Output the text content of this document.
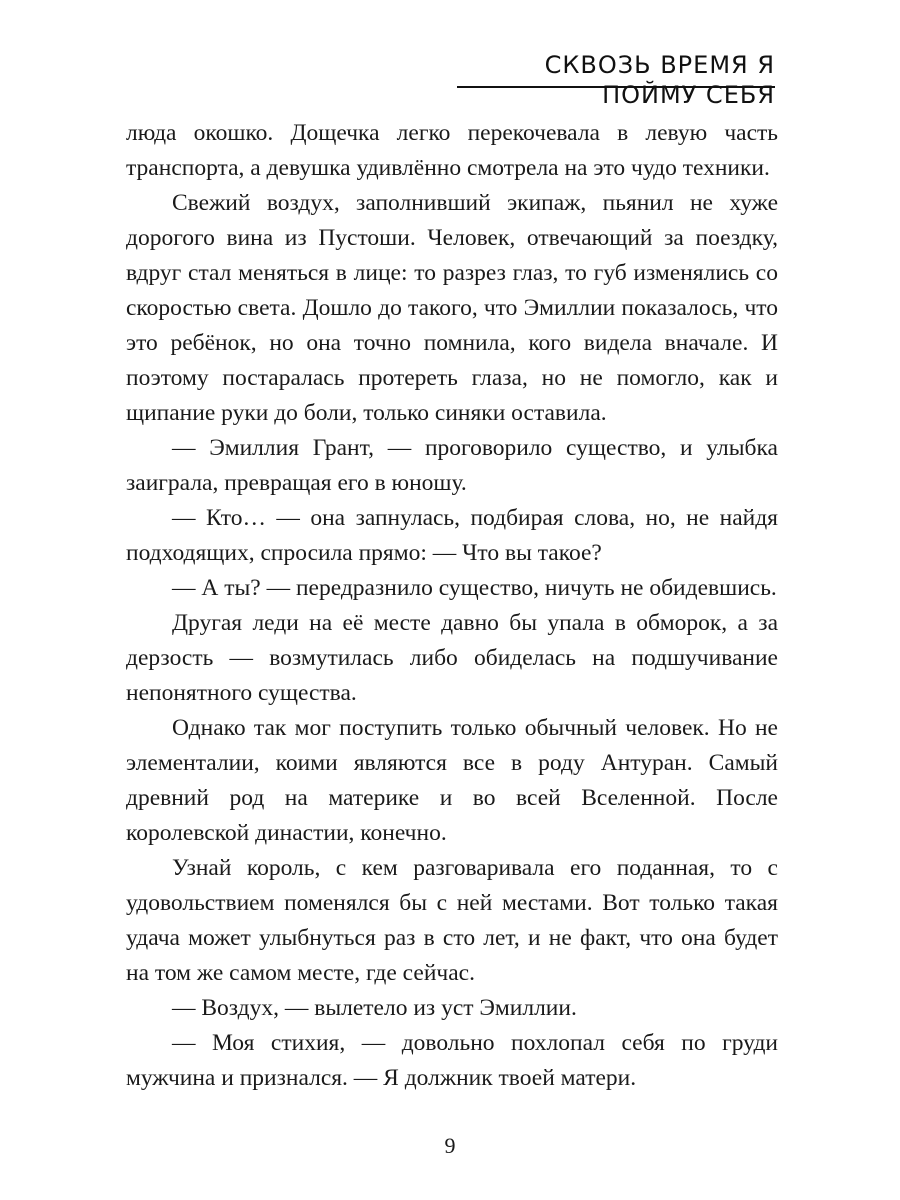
СКВОЗЬ ВРЕМЯ Я ПОЙМУ СЕБЯ

люда окошко. Дощечка легко перекочевала в левую часть транспорта, а девушка удивлённо смотрела на это чудо техники.

Свежий воздух, заполнивший экипаж, пьянил не хуже дорогого вина из Пустоши. Человек, отвечающий за поездку, вдруг стал меняться в лице: то разрез глаз, то губ изменялись со скоростью света. Дошло до такого, что Эмиллии показалось, что это ребёнок, но она точно помнила, кого видела вначале. И поэтому постаралась протереть глаза, но не помогло, как и щипание руки до боли, только синяки оставила.

— Эмиллия Грант, — проговорило существо, и улыбка заиграла, превращая его в юношу.

— Кто… — она запнулась, подбирая слова, но, не найдя подходящих, спросила прямо: — Что вы такое?

— А ты? — передразнило существо, ничуть не обидевшись.

Другая леди на её месте давно бы упала в обморок, а за дерзость — возмутилась либо обиделась на подшучивание непонятного существа.

Однако так мог поступить только обычный человек. Но не элементалии, коими являются все в роду Антуран. Самый древний род на материке и во всей Вселенной. После королевской династии, конечно.

Узнай король, с кем разговаривала его поданная, то с удовольствием поменялся бы с ней местами. Вот только такая удача может улыбнуться раз в сто лет, и не факт, что она будет на том же самом месте, где сейчас.

— Воздух, — вылетело из уст Эмиллии.

— Моя стихия, — довольно похлопал себя по груди мужчина и признался. — Я должник твоей матери.

9
